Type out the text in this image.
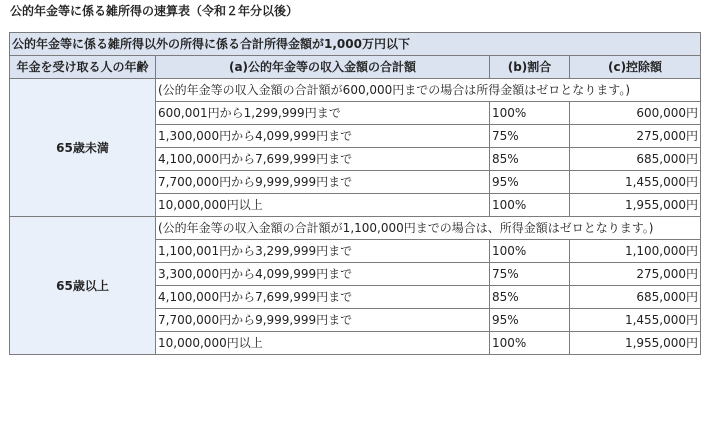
公的年金等に係る雑所得の速算表（令和２年分以後）
公的年金等に係る雑所得以外の所得に係る合計所得金額が1,000万円以下			
年金を受け取る人の年齢	(a)公的年金等の収入金額の合計額	(b)割合	(c)控除額
65歳未満	(公的年金等の収入金額の合計額が600,000円までの場合は所得金額はゼロとなります。)		
	600,001円から1,299,999円まで	100%	600,000円
	1,300,000円から4,099,999円まで	75%	275,000円
	4,100,000円から7,699,999円まで	85%	685,000円
	7,700,000円から9,999,999円まで	95%	1,455,000円
	10,000,000円以上	100%	1,955,000円
65歳以上	(公的年金等の収入金額の合計額が1,100,000円までの場合は、所得金額はゼロとなります。)		
	1,100,001円から3,299,999円まで	100%	1,100,000円
	3,300,000円から4,099,999円まで	75%	275,000円
	4,100,000円から7,699,999円まで	85%	685,000円
	7,700,000円から9,999,999円まで	95%	1,455,000円
	10,000,000円以上	100%	1,955,000円
